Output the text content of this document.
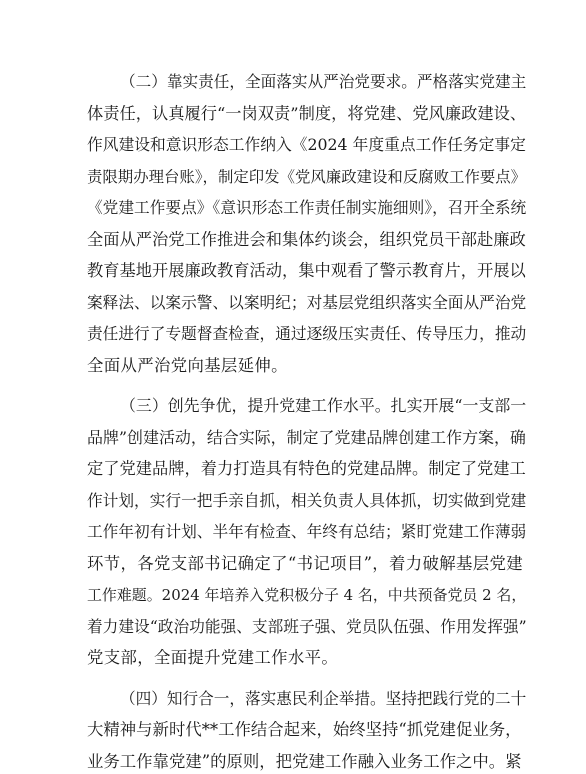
（二）靠实责任，全面落实从严治党要求。严格落实党建主
体责任，认真履行“一岗双责”制度，将党建、党风廉政建设、
作风建设和意识形态工作纳入《2024 年度重点工作任务定事定
责限期办理台账》，制定印发《党风廉政建设和反腐败工作要点》
《党建工作要点》《意识形态工作责任制实施细则》，召开全系统
全面从严治党工作推进会和集体约谈会，组织党员干部赴廉政
教育基地开展廉政教育活动，集中观看了警示教育片，开展以
案释法、以案示警、以案明纪；对基层党组织落实全面从严治党
责任进行了专题督查检查，通过逐级压实责任、传导压力，推动
全面从严治党向基层延伸。
（三）创先争优，提升党建工作水平。扎实开展“一支部一
品牌”创建活动，结合实际，制定了党建品牌创建工作方案，确
定了党建品牌，着力打造具有特色的党建品牌。制定了党建工
作计划，实行一把手亲自抓，相关负责人具体抓，切实做到党建
工作年初有计划、半年有检查、年终有总结；紧盯党建工作薄弱
环节，各党支部书记确定了“书记项目”，着力破解基层党建
工作难题。2024 年培养入党积极分子 4 名，中共预备党员 2 名，
着力建设“政治功能强、支部班子强、党员队伍强、作用发挥强”
党支部，全面提升党建工作水平。
（四）知行合一，落实惠民利企举措。坚持把践行党的二十
大精神与新时代**工作结合起来，始终坚持“抓党建促业务，
业务工作靠党建”的原则，把党建工作融入业务工作之中。紧
